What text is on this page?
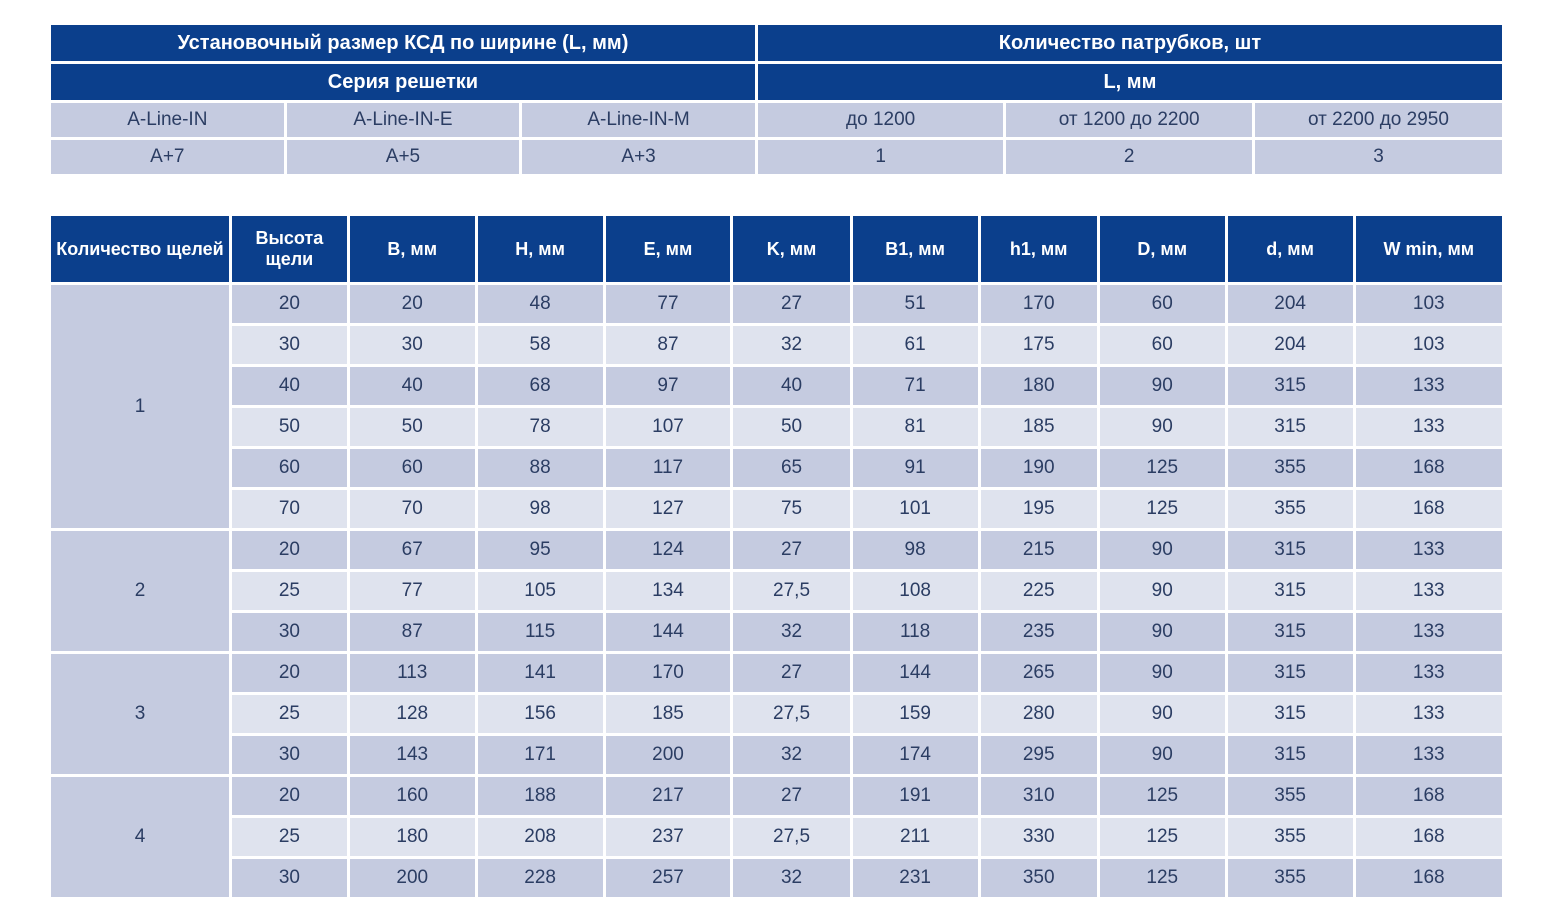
Установочный размер КСД по ширине (L, мм)			Количество патрубков, шт		
Серия решетки			L, мм		
A-Line-IN	A-Line-IN-E	A-Line-IN-M	до 1200	от 1200 до 2200	от 2200 до 2950
A+7	A+5	A+3	1	2	3
Количество щелей	Высота щели	B, мм	H, мм	E, мм	K, мм	B1, мм	h1, мм	D, мм	d, мм	W min, мм
1	20	20	48	77	27	51	170	60	204	103
	30	30	58	87	32	61	175	60	204	103
	40	40	68	97	40	71	180	90	315	133
	50	50	78	107	50	81	185	90	315	133
	60	60	88	117	65	91	190	125	355	168
	70	70	98	127	75	101	195	125	355	168
2	20	67	95	124	27	98	215	90	315	133
	25	77	105	134	27,5	108	225	90	315	133
	30	87	115	144	32	118	235	90	315	133
3	20	113	141	170	27	144	265	90	315	133
	25	128	156	185	27,5	159	280	90	315	133
	30	143	171	200	32	174	295	90	315	133
4	20	160	188	217	27	191	310	125	355	168
	25	180	208	237	27,5	211	330	125	355	168
	30	200	228	257	32	231	350	125	355	168
